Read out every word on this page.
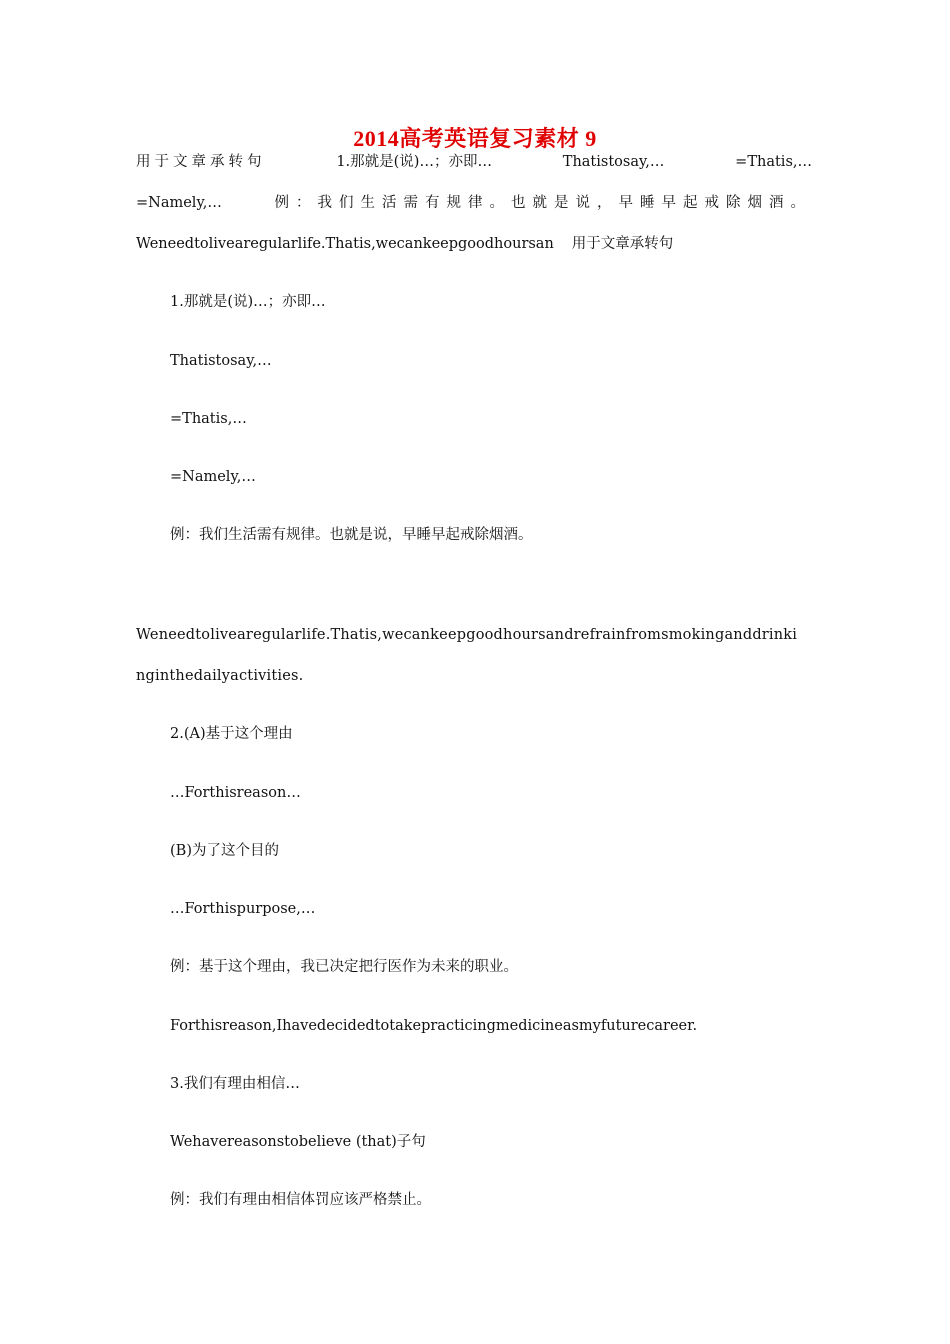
2014高考英语复习素材 9
用于文章承转句	1.那就是(说)…；亦即…	Thatistosay,…	=Thatis,…
=Namely,…	例：我们生活需有规律。也就是说，早睡早起戒除烟酒。
Weneedtolivearegularlife.Thatis,wecankeepgoodhoursan 用于文章承转句
1.那就是(说)…；亦即…
Thatistosay,…
=Thatis,…
=Namely,…
例：我们生活需有规律。也就是说，早睡早起戒除烟酒。
Weneedtolivearegularlife.Thatis,wecankeepgoodhoursandrefrainfromsmokinganddrinki
nginthedailyactivities.
2.(A)基于这个理由
…Forthisreason…
(B)为了这个目的
…Forthispurpose,…
例：基于这个理由，我已决定把行医作为未来的职业。
Forthisreason,Ihavedecidedtotakepracticingmedicineasmyfuturecareer.
3.我们有理由相信…
Wehavereasonstobelieve (that)子句
例：我们有理由相信体罚应该严格禁止。
